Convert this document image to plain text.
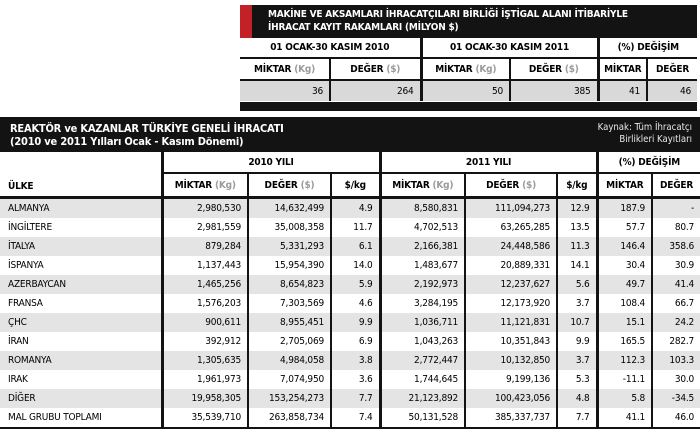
MAKİNE VE AKSAMLARI İHRACATÇILARI BİRLİĞİ İŞTİGAL ALANI İTİBARİYLE
İHRACAT KAYIT RAKAMLARI (MİLYON $)
01 OCAK-30 KASIM 2010		01 OCAK-30 KASIM 2011		(%) DEĞİŞİM	
MİKTAR (Kg)	DEĞER ($)	MİKTAR (Kg)	DEĞER ($)	MİKTAR	DEĞER
36	264	50	385	41	46
REAKTÖR ve KAZANLAR TÜRKİYE GENELİ İHRACATI
(2010 ve 2011 Yılları Ocak - Kasım Dönemi)
Kaynak: Tüm İhracatçı
Birlikleri Kayıtları
ÜLKE	2010 YILI			2011 YILI			(%) DEĞİŞİM	
	MİKTAR (Kg)	DEĞER ($)	$/kg	MİKTAR (Kg)	DEĞER ($)	$/kg	MİKTAR	DEĞER
ALMANYA	2,980,530	14,632,499	4.9	8,580,831	111,094,273	12.9	187.9	-
İNGİLTERE	2,981,559	35,008,358	11.7	4,702,513	63,265,285	13.5	57.7	80.7
İTALYA	879,284	5,331,293	6.1	2,166,381	24,448,586	11.3	146.4	358.6
İSPANYA	1,137,443	15,954,390	14.0	1,483,677	20,889,331	14.1	30.4	30.9
AZERBAYCAN	1,465,256	8,654,823	5.9	2,192,973	12,237,627	5.6	49.7	41.4
FRANSA	1,576,203	7,303,569	4.6	3,284,195	12,173,920	3.7	108.4	66.7
ÇHC	900,611	8,955,451	9.9	1,036,711	11,121,831	10.7	15.1	24.2
İRAN	392,912	2,705,069	6.9	1,043,263	10,351,843	9.9	165.5	282.7
ROMANYA	1,305,635	4,984,058	3.8	2,772,447	10,132,850	3.7	112.3	103.3
IRAK	1,961,973	7,074,950	3.6	1,744,645	9,199,136	5.3	-11.1	30.0
DİĞER	19,958,305	153,254,273	7.7	21,123,892	100,423,056	4.8	5.8	-34.5
MAL GRUBU TOPLAMI	35,539,710	263,858,734	7.4	50,131,528	385,337,737	7.7	41.1	46.0
